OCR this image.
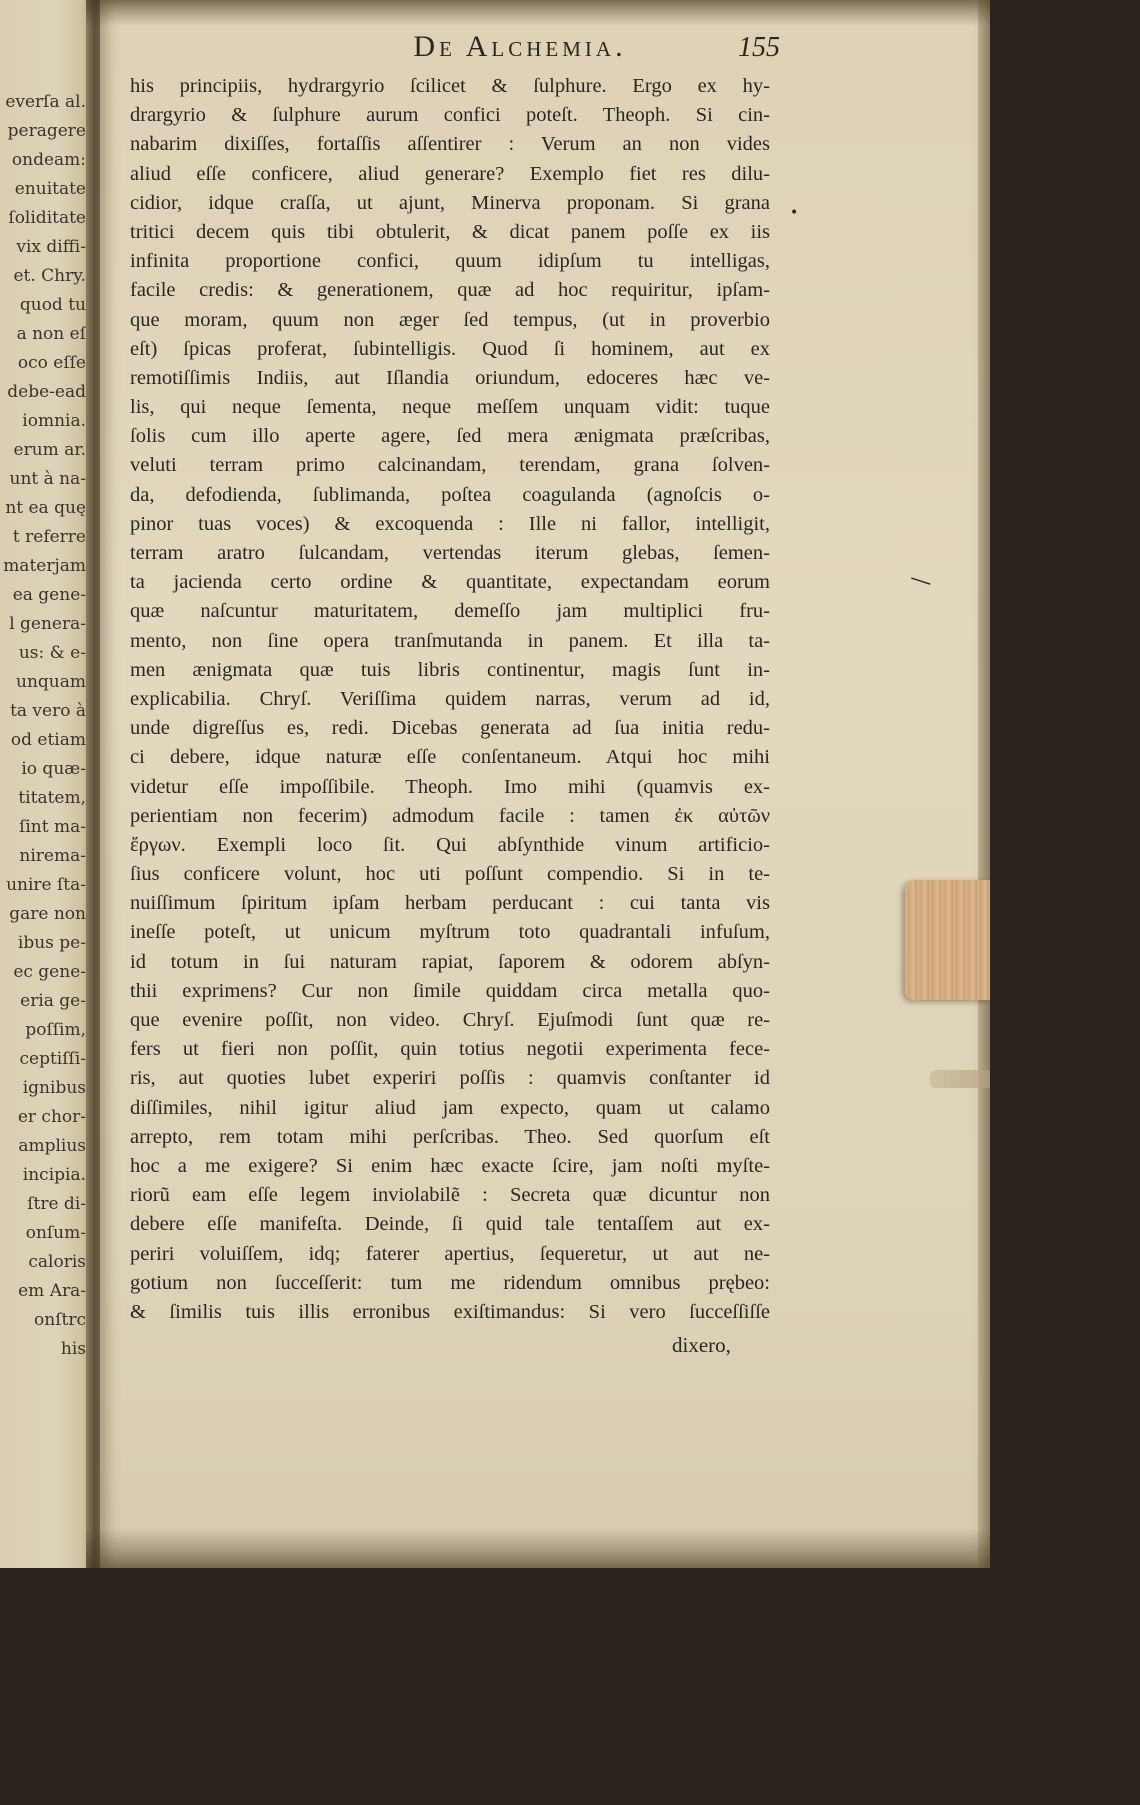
everſa al.
peragere
ondeam:
enuitate
ſoliditate
vix diffi-
et. Chry.
quod tu
a non eſ
oco eſſe
debe-ead
iomnia.
erum ar.
unt à na-
nt ea quę
t referre
materjam
ea gene-
l genera-
us: & e-
unquam
ta vero à
od etiam
io quæ-
titatem,
ſint ma-
nirema-
unire ſta-
gare non
ibus pe-
ec gene-
eria ge-
poſſim,
ceptiſſi-
ignibus
er chor-
amplius
incipia.
ſtre di-
onſum-
caloris
em Ara-
onſtrc
his
De Alchemia.	155
his principiis, hydrargyrio ſcilicet & ſulphure. Ergo ex hy-
drargyrio & ſulphure aurum confici poteſt. Theoph. Si cin-
nabarim dixiſſes, fortaſſis aſſentirer : Verum an non vides
aliud eſſe conficere, aliud generare? Exemplo fiet res dilu-
cidior, idque craſſa, ut ajunt, Minerva proponam. Si grana
tritici decem quis tibi obtulerit, & dicat panem poſſe ex iis
infinita proportione confici, quum idipſum tu intelligas,
facile credis: & generationem, quæ ad hoc requiritur, ipſam-
que moram, quum non æger ſed tempus, (ut in proverbio
eſt) ſpicas proferat, ſubintelligis. Quod ſi hominem, aut ex
remotiſſimis Indiis, aut Iſlandia oriundum, edoceres hæc ve-
lis, qui neque ſementa, neque meſſem unquam vidit: tuque
ſolis cum illo aperte agere, ſed mera ænigmata præſcribas,
veluti terram primo calcinandam, terendam, grana ſolven-
da, defodienda, ſublimanda, poſtea coagulanda (agnoſcis o-
pinor tuas voces) & excoquenda : Ille ni fallor, intelligit,
terram aratro ſulcandam, vertendas iterum glebas, ſemen-
ta jacienda certo ordine & quantitate, expectandam eorum
quæ naſcuntur maturitatem, demeſſo jam multiplici fru-
mento, non ſine opera tranſmutanda in panem. Et illa ta-
men ænigmata quæ tuis libris continentur, magis ſunt in-
explicabilia. Chryſ. Veriſſima quidem narras, verum ad id,
unde digreſſus es, redi. Dicebas generata ad ſua initia redu-
ci debere, idque naturæ eſſe conſentaneum. Atqui hoc mihi
videtur eſſe impoſſibile. Theoph. Imo mihi (quamvis ex-
perientiam non fecerim) admodum facile : tamen ἐκ αὐτῶν
ἔργων. Exempli loco ſit. Qui abſynthide vinum artificio-
ſius conficere volunt, hoc uti poſſunt compendio. Si in te-
nuiſſimum ſpiritum ipſam herbam perducant : cui tanta vis
ineſſe poteſt, ut unicum myſtrum toto quadrantali infuſum,
id totum in ſui naturam rapiat, ſaporem & odorem abſyn-
thii exprimens? Cur non ſimile quiddam circa metalla quo-
que evenire poſſit, non video. Chryſ. Ejuſmodi ſunt quæ re-
fers ut fieri non poſſit, quin totius negotii experimenta fece-
ris, aut quoties lubet experiri poſſis : quamvis conſtanter id
diſſimiles, nihil igitur aliud jam expecto, quam ut calamo
arrepto, rem totam mihi perſcribas. Theo. Sed quorſum eſt
hoc a me exigere? Si enim hæc exacte ſcire, jam noſti myſte-
riorũ eam eſſe legem inviolabilẽ : Secreta quæ dicuntur non
debere eſſe manifeſta. Deinde, ſi quid tale tentaſſem aut ex-
periri voluiſſem, idq; faterer apertius, ſequeretur, ut aut ne-
gotium non ſucceſſerit: tum me ridendum omnibus prębeo:
& ſimilis tuis illis erronibus exiſtimandus: Si vero ſucceſſiſſe
dixero,
—
•
